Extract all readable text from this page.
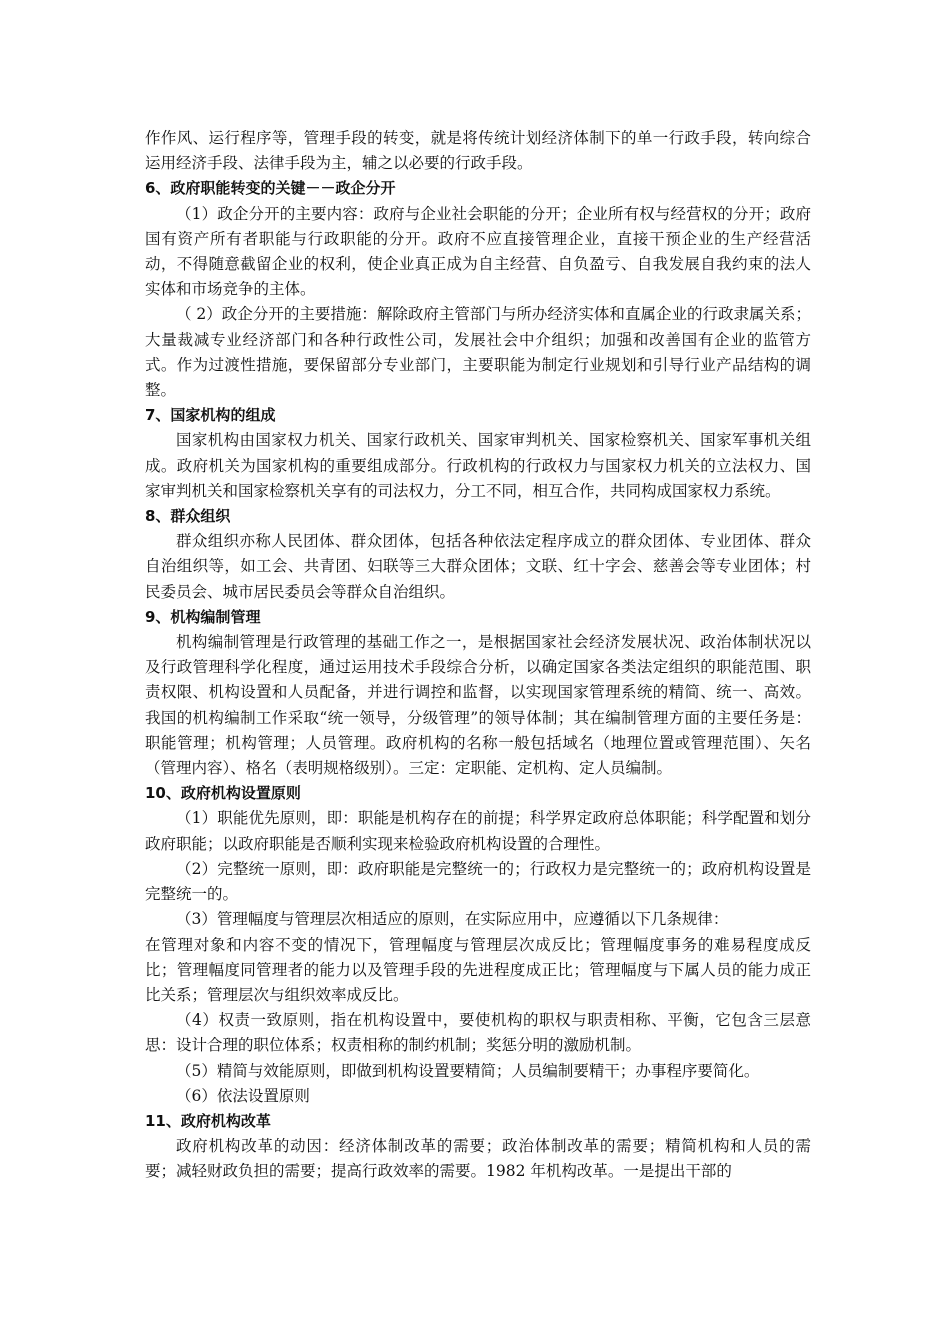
作作风、运行程序等，管理手段的转变，就是将传统计划经济体制下的单一行政手段，转向综合运用经济手段、法律手段为主，辅之以必要的行政手段。

6、政府职能转变的关键－－政企分开

（1）政企分开的主要内容：政府与企业社会职能的分开；企业所有权与经营权的分开；政府国有资产所有者职能与行政职能的分开。政府不应直接管理企业，直接干预企业的生产经营活动，不得随意截留企业的权利，使企业真正成为自主经营、自负盈亏、自我发展自我约束的法人实体和市场竞争的主体。

（ 2）政企分开的主要措施：解除政府主管部门与所办经济实体和直属企业的行政隶属关系；大量裁减专业经济部门和各种行政性公司，发展社会中介组织；加强和改善国有企业的监管方式。作为过渡性措施，要保留部分专业部门，主要职能为制定行业规划和引导行业产品结构的调整。

7、国家机构的组成

国家机构由国家权力机关、国家行政机关、国家审判机关、国家检察机关、国家军事机关组成。政府机关为国家机构的重要组成部分。行政机构的行政权力与国家权力机关的立法权力、国家审判机关和国家检察机关享有的司法权力，分工不同，相互合作，共同构成国家权力系统。

8、群众组织

群众组织亦称人民团体、群众团体，包括各种依法定程序成立的群众团体、专业团体、群众自治组织等，如工会、共青团、妇联等三大群众团体；文联、红十字会、慈善会等专业团体；村民委员会、城市居民委员会等群众自治组织。

9、机构编制管理

机构编制管理是行政管理的基础工作之一，是根据国家社会经济发展状况、政治体制状况以及行政管理科学化程度，通过运用技术手段综合分析，以确定国家各类法定组织的职能范围、职责权限、机构设置和人员配备，并进行调控和监督，以实现国家管理系统的精简、统一、高效。我国的机构编制工作采取“统一领导，分级管理”的领导体制；其在编制管理方面的主要任务是：职能管理；机构管理；人员管理。政府机构的名称一般包括域名（地理位置或管理范围）、矢名（管理内容）、格名（表明规格级别）。三定：定职能、定机构、定人员编制。

10、政府机构设置原则

（1）职能优先原则，即：职能是机构存在的前提；科学界定政府总体职能；科学配置和划分政府职能；以政府职能是否顺利实现来检验政府机构设置的合理性。

（2）完整统一原则，即：政府职能是完整统一的；行政权力是完整统一的；政府机构设置是完整统一的。

（3）管理幅度与管理层次相适应的原则，在实际应用中，应遵循以下几条规律：

在管理对象和内容不变的情况下，管理幅度与管理层次成反比；管理幅度事务的难易程度成反比；管理幅度同管理者的能力以及管理手段的先进程度成正比；管理幅度与下属人员的能力成正比关系；管理层次与组织效率成反比。

（4）权责一致原则，指在机构设置中，要使机构的职权与职责相称、平衡，它包含三层意思：设计合理的职位体系；权责相称的制约机制；奖惩分明的激励机制。

（5）精简与效能原则，即做到机构设置要精简；人员编制要精干；办事程序要简化。

（6）依法设置原则

11、政府机构改革

政府机构改革的动因：经济体制改革的需要；政治体制改革的需要；精简机构和人员的需要；减轻财政负担的需要；提高行政效率的需要。1982 年机构改革。一是提出干部的
